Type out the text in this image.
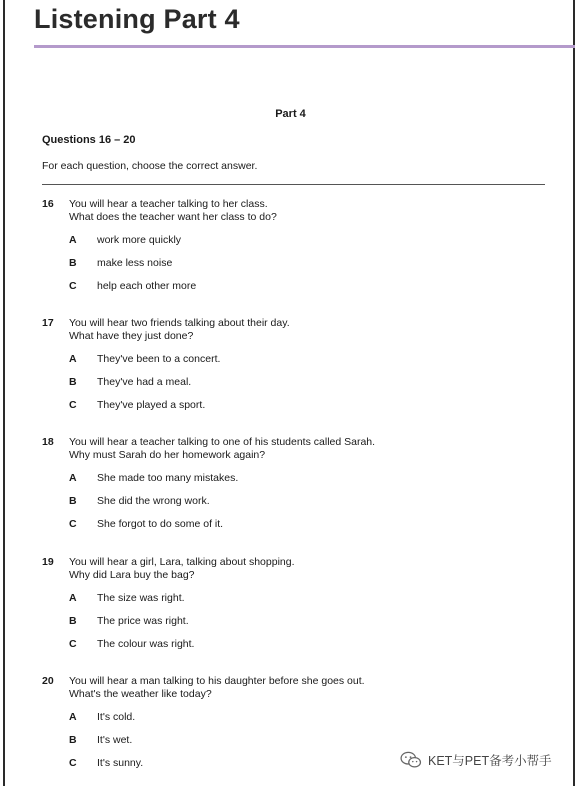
Listening Part 4
Part 4
Questions 16 – 20
For each question, choose the correct answer.
16 You will hear a teacher talking to her class.
What does the teacher want her class to do?
A work more quickly
B make less noise
C help each other more
17 You will hear two friends talking about their day.
What have they just done?
A They've been to a concert.
B They've had a meal.
C They've played a sport.
18 You will hear a teacher talking to one of his students called Sarah.
Why must Sarah do her homework again?
A She made too many mistakes.
B She did the wrong work.
C She forgot to do some of it.
19 You will hear a girl, Lara, talking about shopping.
Why did Lara buy the bag?
A The size was right.
B The price was right.
C The colour was right.
20 You will hear a man talking to his daughter before she goes out.
What's the weather like today?
A It's cold.
B It's wet.
C It's sunny.	KET与PET备考小帮手
